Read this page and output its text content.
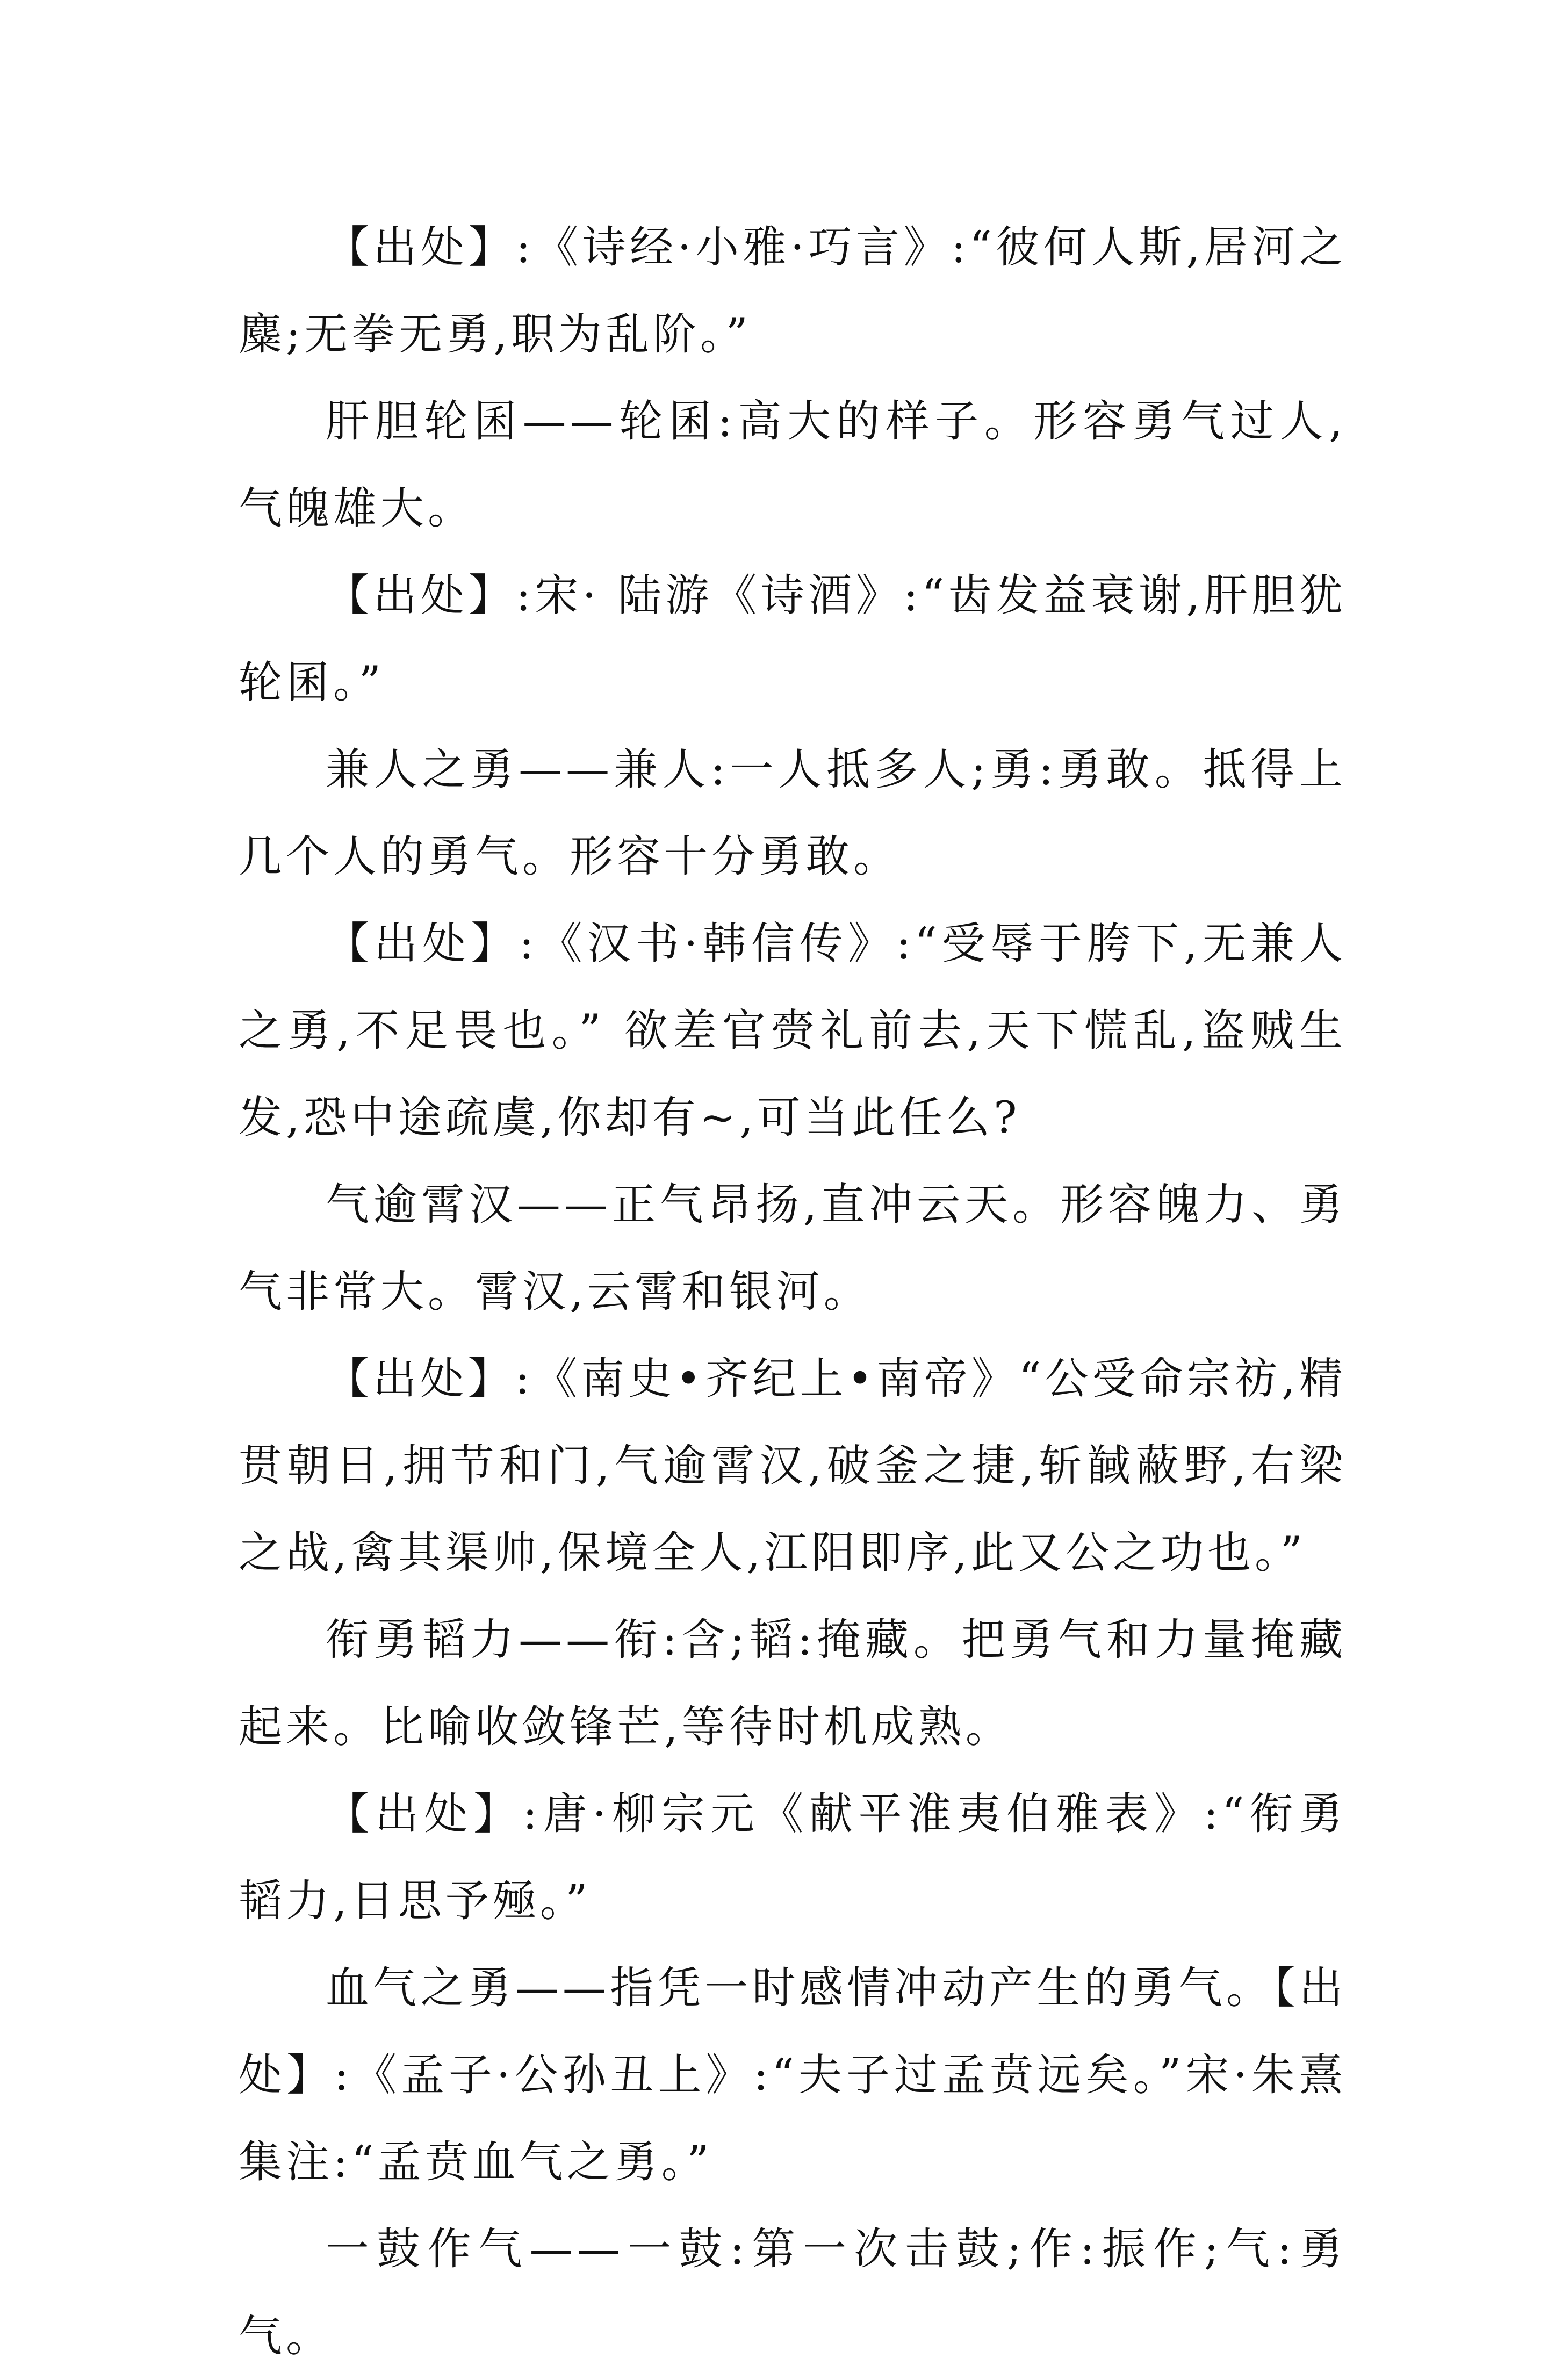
【出处】:《诗经·小雅·巧言》:“彼何人斯,居河之麋;无拳无勇,职为乱阶。”

肝胆轮囷——轮囷:高大的样子。形容勇气过人,气魄雄大。

【出处】:宋· 陆游《诗酒》:“齿发益衰谢,肝胆犹轮囷。”

兼人之勇——兼人:一人抵多人;勇:勇敢。抵得上几个人的勇气。形容十分勇敢。

【出处】:《汉书·韩信传》:“受辱于胯下,无兼人之勇,不足畏也。” 欲差官赍礼前去,天下慌乱,盗贼生发,恐中途疏虞,你却有~,可当此任么?

气逾霄汉——正气昂扬,直冲云天。形容魄力、勇气非常大。霄汉,云霄和银河。

【出处】:《南史•齐纪上•南帝》“公受命宗祊,精贯朝日,拥节和门,气逾霄汉,破釜之捷,斩馘蔽野,右梁之战,禽其渠帅,保境全人,江阳即序,此又公之功也。”

衔勇韬力——衔:含;韬:掩藏。把勇气和力量掩藏起来。比喻收敛锋芒,等待时机成熟。

【出处】:唐·柳宗元《献平淮夷伯雅表》:“衔勇韬力,日思予殛。”

血气之勇——指凭一时感情冲动产生的勇气。【出处】:《孟子·公孙丑上》:“夫子过孟贲远矣。”宋·朱熹集注:“孟贲血气之勇。”

一鼓作气——一鼓:第一次击鼓;作:振作;气:勇气。
